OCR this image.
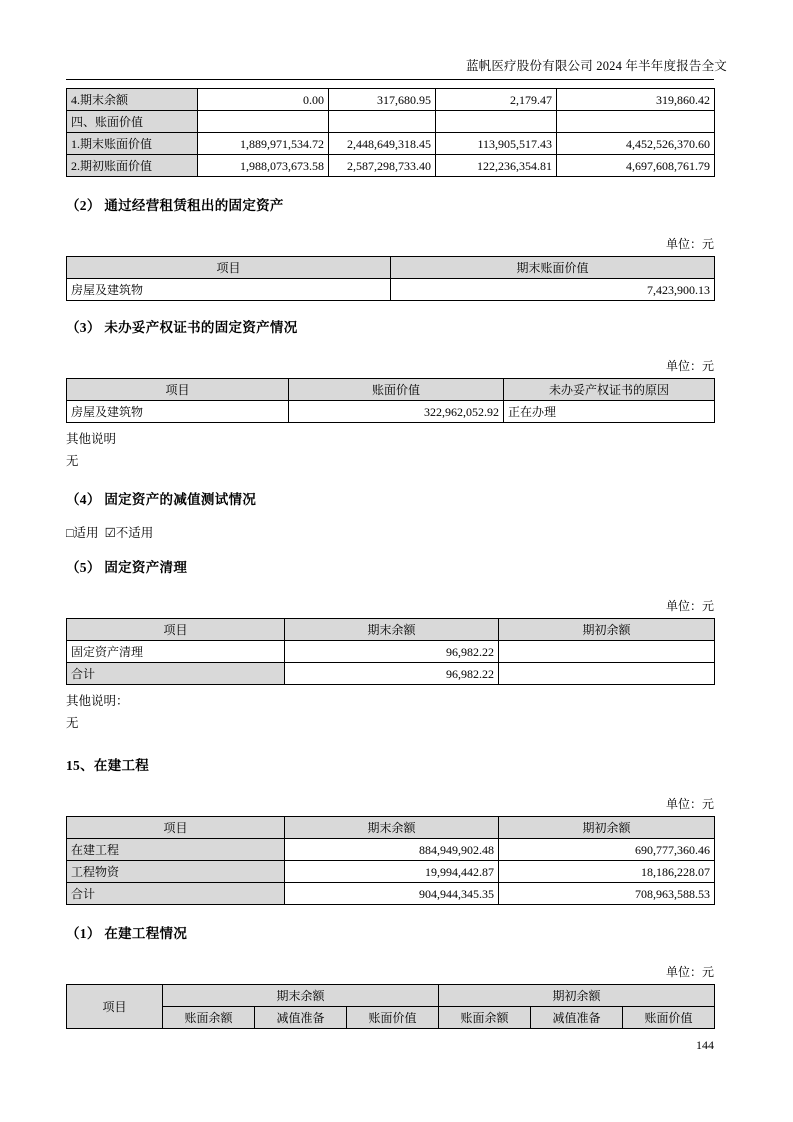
蓝帆医疗股份有限公司 2024 年半年度报告全文
4.期末余额	0.00	317,680.95	2,179.47	319,860.42
四、账面价值				
1.期末账面价值	1,889,971,534.72	2,448,649,318.45	113,905,517.43	4,452,526,370.60
2.期初账面价值	1,988,073,673.58	2,587,298,733.40	122,236,354.81	4,697,608,761.79
（2） 通过经营租赁租出的固定资产
单位：元
项目	期末账面价值
房屋及建筑物	7,423,900.13
（3） 未办妥产权证书的固定资产情况
单位：元
项目	账面价值	未办妥产权证书的原因
房屋及建筑物	322,962,052.92	正在办理
其他说明
无
（4） 固定资产的减值测试情况
□适用 ☑不适用
（5） 固定资产清理
单位：元
项目	期末余额	期初余额
固定资产清理	96,982.22	
合计	96,982.22	
其他说明：
无
15、在建工程
单位：元
项目	期末余额	期初余额
在建工程	884,949,902.48	690,777,360.46
工程物资	19,994,442.87	18,186,228.07
合计	904,944,345.35	708,963,588.53
（1） 在建工程情况
单位：元
项目	期末余额			期初余额		
	账面余额	减值准备	账面价值	账面余额	减值准备	账面价值
144
